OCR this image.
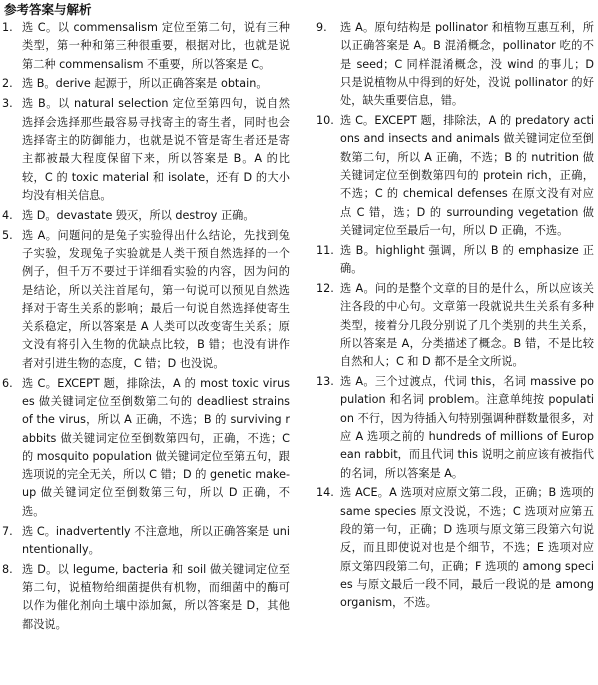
参考答案与解析
1. 选 C。以 commensalism 定位至第二句，说有三种类型，第一种和第三种很重要，根据对比，也就是说第二种 commensalism 不重要，所以答案是 C。
2. 选 B。derive 起源于，所以正确答案是 obtain。
3. 选 B。以 natural selection 定位至第四句，说自然选择会选择那些最容易寻找寄主的寄生者，同时也会选择寄主的防御能力，也就是说不管是寄生者还是寄主都被最大程度保留下来，所以答案是 B。A 的比较，C 的 toxic material 和 isolate，还有 D 的大小均没有相关信息。
4. 选 D。devastate 毁灭，所以 destroy 正确。
5. 选 A。问题问的是兔子实验得出什么结论，先找到兔子实验，发现兔子实验就是人类干预自然选择的一个例子，但千万不要过于详细看实验的内容，因为问的是结论，所以关注首尾句，第一句说可以预见自然选择对于寄生关系的影响；最后一句说自然选择使寄生关系稳定，所以答案是 A 人类可以改变寄生关系；原文没有将引入生物的优缺点比较，B 错；也没有讲作者对引进生物的态度，C 错；D 也没说。
6. 选 C。EXCEPT 题，排除法，A 的 most toxic viruses 做关键词定位至倒数第二句的 deadliest strains of the virus，所以 A 正确，不选；B 的 surviving rabbits 做关键词定位至倒数第四句，正确，不选；C 的 mosquito population 做关键词定位至第五句，跟选项说的完全无关，所以 C 错；D 的 genetic make-up 做关键词定位至倒数第三句，所以 D 正确，不选。
7. 选 C。inadvertently 不注意地，所以正确答案是 unintentionally。
8. 选 D。以 legume, bacteria 和 soil 做关键词定位至第二句，说植物给细菌提供有机物，而细菌中的酶可以作为催化剂向土壤中添加氮，所以答案是 D，其他都没说。
9.	选 A。原句结构是 pollinator 和植物互惠互利，所以正确答案是 A。B 混淆概念，pollinator 吃的不是 seed；C 同样混淆概念，没 wind 的事儿；D 只是说植物从中得到的好处，没说 pollinator 的好处，缺失重要信息，错。
10. 选 C。EXCEPT 题，排除法，A 的 predatory actions and insects and animals 做关键词定位至倒数第二句，所以 A 正确，不选；B 的 nutrition 做关键词定位至倒数第四句的 protein rich，正确，不选；C 的 chemical defenses 在原文没有对应点 C 错，选；D 的 surrounding vegetation 做关键词定位至最后一句，所以 D 正确，不选。
11. 选 B。highlight 强调，所以 B 的 emphasize 正确。
12. 选 A。问的是整个文章的目的是什么，所以应该关注各段的中心句。文章第一段就说共生关系有多种类型，接着分几段分别说了几个类别的共生关系，所以答案是 A，分类描述了概念。B 错，不是比较自然和人；C 和 D 都不是全文所说。
13. 选 A。三个过渡点，代词 this，名词 massive population 和名词 problem。注意单纯按 population 不行，因为待插入句特别强调种群数量很多，对应 A 选项之前的 hundreds of millions of European rabbit，而且代词 this 说明之前应该有被指代的名词，所以答案是 A。
14. 选 ACE。A 选项对应原文第二段，正确；B 选项的 same species 原文没说，不选；C 选项对应第五段的第一句，正确；D 选项与原文第三段第六句说反，而且即使说对也是个细节，不选；E 选项对应原文第四段第二句，正确；F 选项的 among species 与原文最后一段不同，最后一段说的是 among organism，不选。
